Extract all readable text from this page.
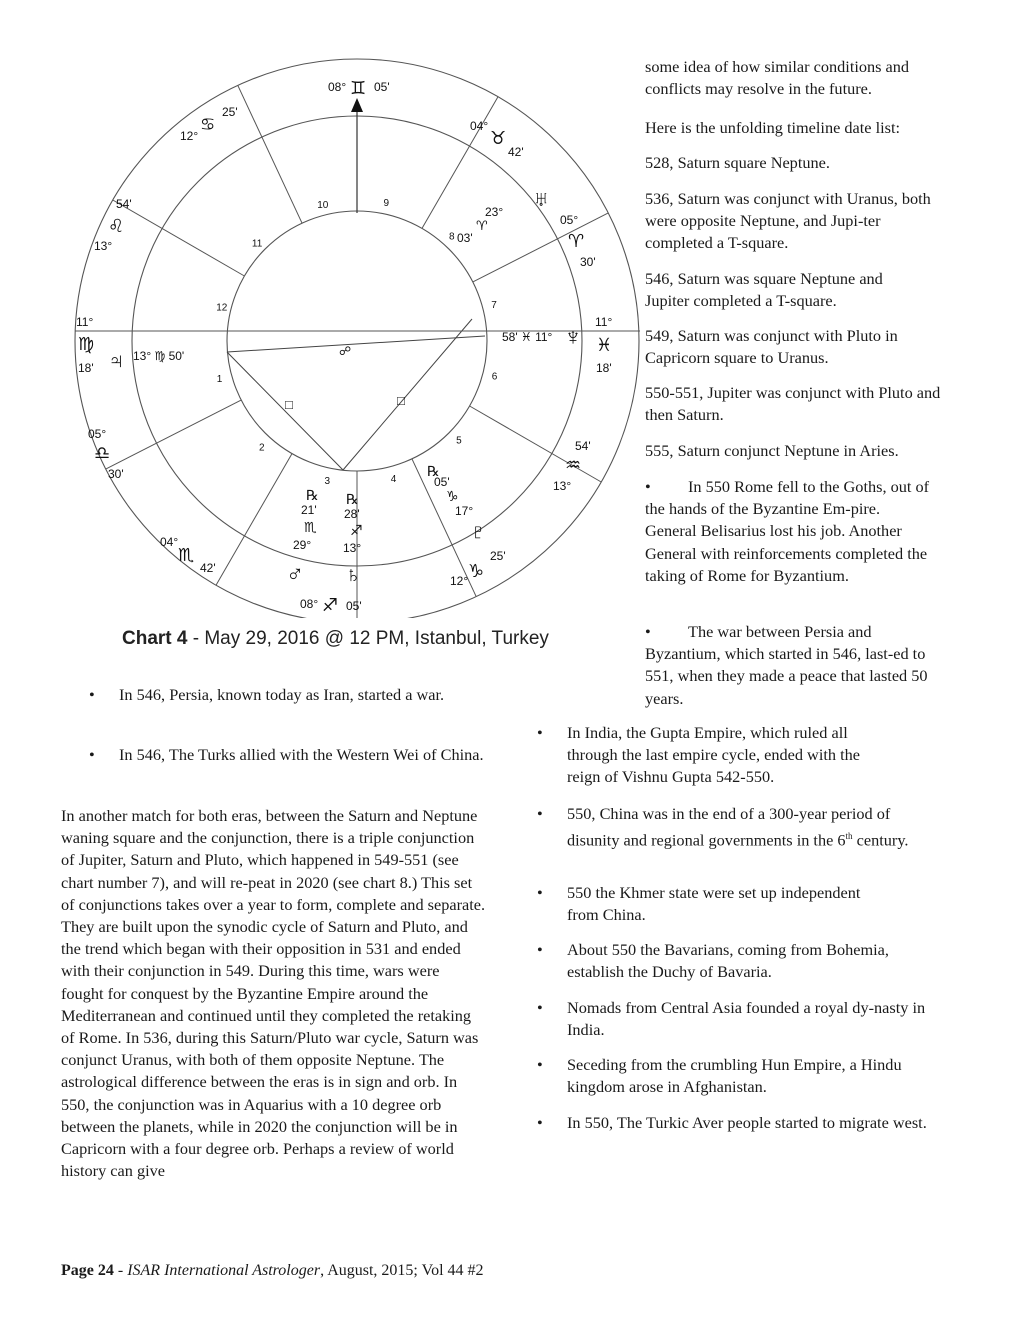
1
2
3	4
5
6
7
8
9
10
11
12
08° ♊ 05'
08° ♐ 05'
11°
♍
18'
11°
♓
18'
12°
♋
25'
54'
♌
13°
05°
♎
30'
04°
♏
42'
04°
♉
42'
05°
♈
30'
54'
♒
13°
12° ♑
25'
♅
23°
♈
03'
58' ♓ 11° ♆
♃ 13° ♍ 50'
℞
21'
♏
29°
♂
℞
28'
♐
13°
♄
℞
05'
♑
17°
♇
☍
□	□
Chart 4 - May 29, 2016 @ 12 PM, Istanbul, Turkey
• In 546, Persia, known today as Iran, started a war.
• In 546, The Turks allied with the Western Wei of China.

In another match for both eras, between the Saturn and Neptune waning square and the conjunction, there is a triple conjunction of Jupiter, Saturn and Pluto, which happened in 549-551 (see chart number 7), and will re-peat in 2020 (see chart 8.) This set of conjunctions takes over a year to form, complete and separate. They are built upon the synodic cycle of Saturn and Pluto, and the trend which began with their opposition in 531 and ended with their conjunction in 549. During this time, wars were fought for conquest by the Byzantine Empire around the Mediterranean and continued until they completed the retaking of Rome. In 536, during this Saturn/Pluto war cycle, Saturn was conjunct Uranus, with both of them opposite Neptune. The astrological difference between the eras is in sign and orb. In 550, the conjunction was in Aquarius with a 10 degree orb between the planets, while in 2020 the conjunction will be in Capricorn with a four degree orb. Perhaps a review of world history can give

some idea of how similar conditions and conflicts may resolve in the future.

Here is the unfolding timeline date list:

528, Saturn square Neptune.

536, Saturn was conjunct with Uranus, both were opposite Neptune, and Jupi-ter completed a T-square.

546, Saturn was square Neptune and Jupiter completed a T-square.

549, Saturn was conjunct with Pluto in Capricorn square to Uranus.

550-551, Jupiter was conjunct with Pluto and then Saturn.

555, Saturn conjunct Neptune in Aries.

• In 550 Rome fell to the Goths, out of the hands of the Byzantine Em-pire. General Belisarius lost his job. Another General with reinforcements completed the taking of Rome for Byzantium.

• The war between Persia and Byzantium, which started in 546, last-ed to 551, when they made a peace that lasted 50 years.

• In India, the Gupta Empire, which ruled all through the last empire cycle, ended with the reign of Vishnu Gupta 542-550.
• 550, China was in the end of a 300-year period of disunity and regional governments in the 6th century.
• 550 the Khmer state were set up independent from China.
• About 550 the Bavarians, coming from Bohemia, establish the Duchy of Bavaria.
• Nomads from Central Asia founded a royal dy-nasty in India.
• Seceding from the crumbling Hun Empire, a Hindu kingdom arose in Afghanistan.
• In 550, The Turkic Aver people started to migrate west.
Page 24 - ISAR International Astrologer, August, 2015; Vol 44 #2
